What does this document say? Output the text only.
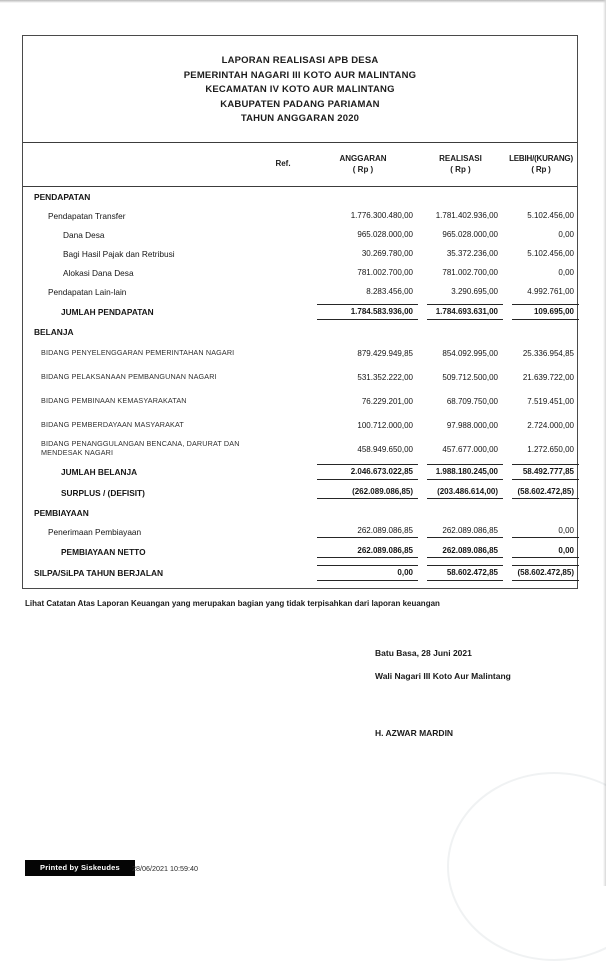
LAPORAN REALISASI APB DESA
PEMERINTAH NAGARI III KOTO AUR MALINTANG
KECAMATAN IV KOTO AUR MALINTANG
KABUPATEN PADANG PARIAMAN
TAHUN ANGGARAN 2020
Ref.
ANGGARAN
( Rp )
REALISASI
( Rp )
LEBIH/(KURANG)
( Rp )
PENDAPATAN
Pendapatan Transfer	1.776.300.480,00	1.781.402.936,00	5.102.456,00
Dana Desa	965.028.000,00	965.028.000,00	0,00
Bagi Hasil Pajak dan Retribusi	30.269.780,00	35.372.236,00	5.102.456,00
Alokasi Dana Desa	781.002.700,00	781.002.700,00	0,00
Pendapatan Lain-lain	8.283.456,00	3.290.695,00	4.992.761,00
JUMLAH PENDAPATAN	1.784.583.936,00	1.784.693.631,00	109.695,00
BELANJA
BIDANG PENYELENGGARAN PEMERINTAHAN NAGARI	879.429.949,85	854.092.995,00	25.336.954,85
BIDANG PELAKSANAAN PEMBANGUNAN NAGARI	531.352.222,00	509.712.500,00	21.639.722,00
BIDANG PEMBINAAN KEMASYARAKATAN	76.229.201,00	68.709.750,00	7.519.451,00
BIDANG PEMBERDAYAAN MASYARAKAT	100.712.000,00	97.988.000,00	2.724.000,00
BIDANG PENANGGULANGAN BENCANA, DARURAT DAN MENDESAK NAGARI	458.949.650,00	457.677.000,00	1.272.650,00
JUMLAH BELANJA	2.046.673.022,85	1.988.180.245,00	58.492.777,85
SURPLUS / (DEFISIT)	(262.089.086,85)	(203.486.614,00)	(58.602.472,85)
PEMBIAYAAN
Penerimaan Pembiayaan	262.089.086,85	262.089.086,85	0,00
PEMBIAYAAN NETTO	262.089.086,85	262.089.086,85	0,00
SILPA/SiLPA TAHUN BERJALAN	0,00	58.602.472,85	(58.602.472,85)
Lihat Catatan Atas Laporan Keuangan yang merupakan bagian yang tidak terpisahkan dari laporan keuangan
Batu Basa, 28 Juni 2021
Wali Nagari III Koto Aur Malintang
H. AZWAR MARDIN
Printed by Siskeudes	28/06/2021 10:59:40
